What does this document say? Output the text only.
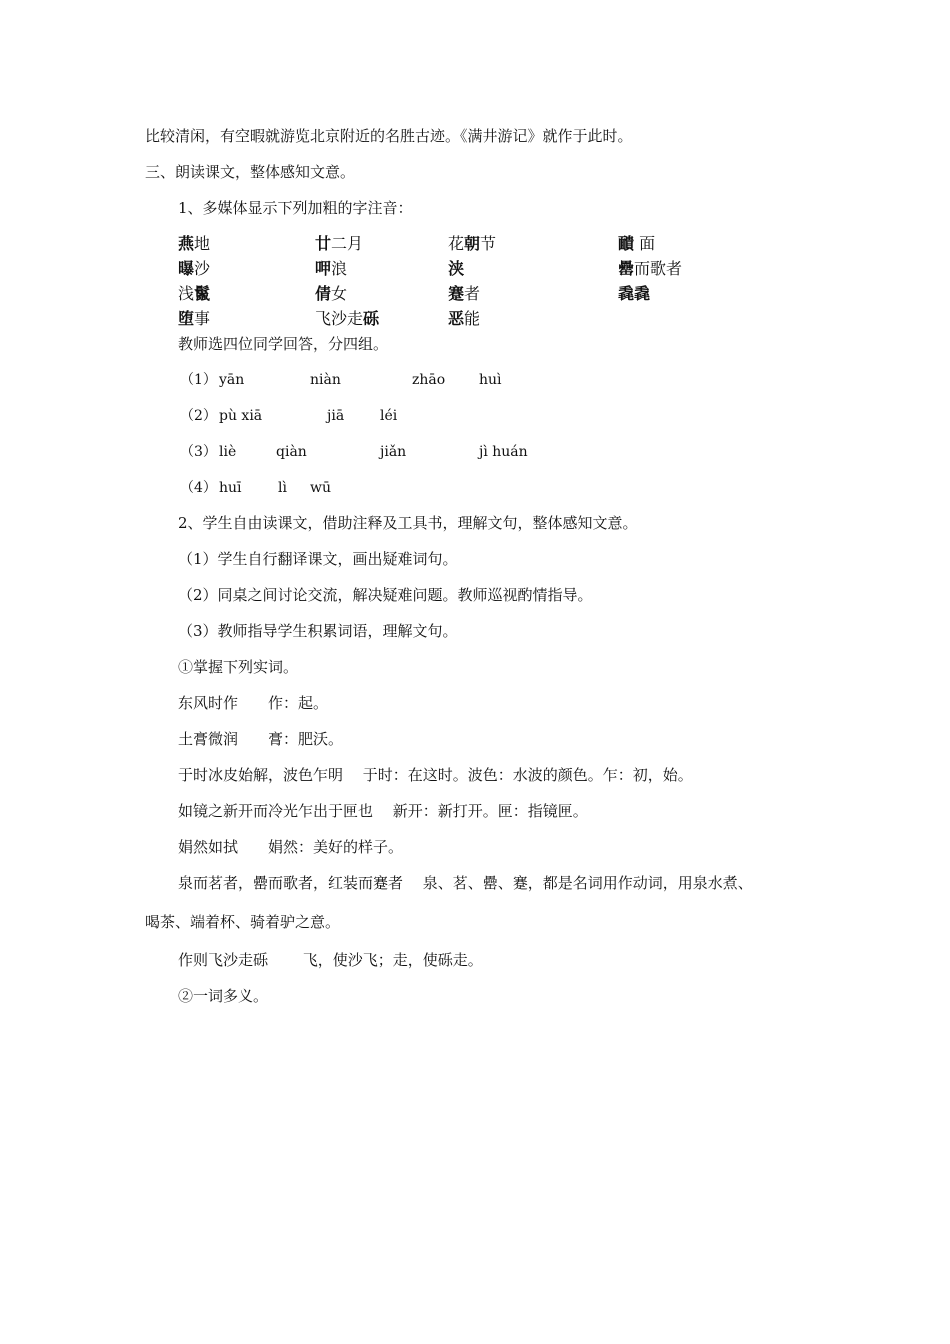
比较清闲，有空暇就游览北京附近的名胜古迹。《满井游记》就作于此时。
三、朗读课文，整体感知文意。
1、多媒体显示下列加粗的字注音：
燕地	廿二月	花朝节	靧 面
曝沙	呷浪	浃	罍而歌者
浅鬣	倩女	蹇者	毳毳
堕事	飞沙走砾	恶能
教师选四位同学回答，分四组。
（1） yān	niàn	zhāo huì
（2） pù xiā	jiā	léi
（3） liè	qiàn	jiǎn	jì huán
（4） huī	lì wū
2、学生自由读课文，借助注释及工具书，理解文句，整体感知文意。
（1）学生自行翻译课文，画出疑难词句。
（2）同桌之间讨论交流，解决疑难问题。教师巡视酌情指导。
（3）教师指导学生积累词语，理解文句。
①掌握下列实词。
东风时作　　作：起。
土膏微润　　膏：肥沃。
于时冰皮始解，波色乍明　 于时：在这时。波色：水波的颜色。乍：初，始。
如镜之新开而冷光乍出于匣也　 新开：新打开。匣：指镜匣。
娟然如拭　　娟然：美好的样子。
泉而茗者，罍而歌者，红装而蹇者　 泉、茗、罍、蹇，都是名词用作动词，用泉水煮、
喝茶、端着杯、骑着驴之意。
作则飞沙走砾　　 飞，使沙飞；走，使砾走。
②一词多义。
